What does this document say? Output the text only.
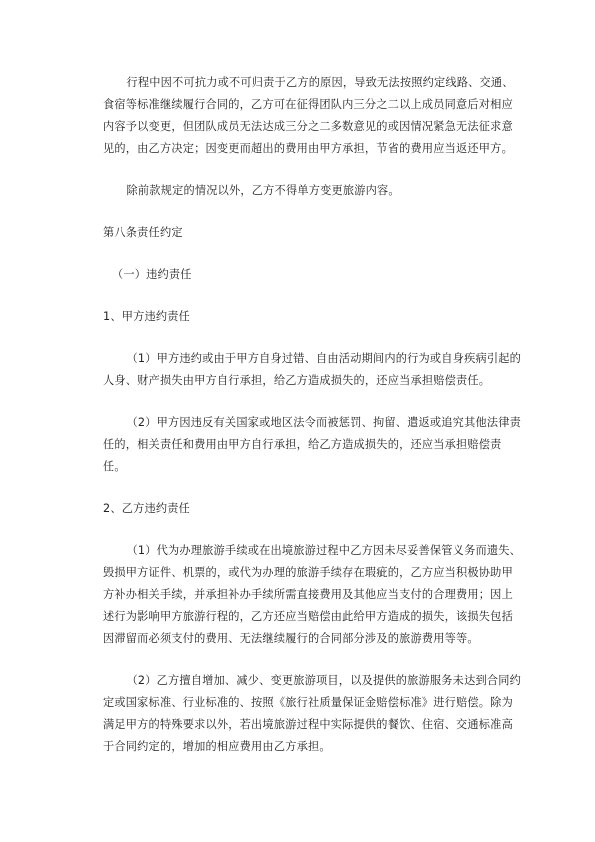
行程中因不可抗力或不可归责于乙方的原因，导致无法按照约定线路、交通、食宿等标准继续履行合同的，乙方可在征得团队内三分之二以上成员同意后对相应内容予以变更，但团队成员无法达成三分之二多数意见的或因情况紧急无法征求意见的，由乙方决定；因变更而超出的费用由甲方承担，节省的费用应当返还甲方。

除前款规定的情况以外，乙方不得单方变更旅游内容。

第八条责任约定

（一）违约责任

1、甲方违约责任

（1）甲方违约或由于甲方自身过错、自由活动期间内的行为或自身疾病引起的人身、财产损失由甲方自行承担，给乙方造成损失的，还应当承担赔偿责任。

（2）甲方因违反有关国家或地区法令而被惩罚、拘留、遣返或追究其他法律责任的，相关责任和费用由甲方自行承担，给乙方造成损失的，还应当承担赔偿责任。

2、乙方违约责任

（1）代为办理旅游手续或在出境旅游过程中乙方因未尽妥善保管义务而遗失、毁损甲方证件、机票的，或代为办理的旅游手续存在瑕疵的，乙方应当积极协助甲方补办相关手续，并承担补办手续所需直接费用及其他应当支付的合理费用；因上述行为影响甲方旅游行程的，乙方还应当赔偿由此给甲方造成的损失，该损失包括因滞留而必须支付的费用、无法继续履行的合同部分涉及的旅游费用等等。

（2）乙方擅自增加、减少、变更旅游项目，以及提供的旅游服务未达到合同约定或国家标准、行业标准的、按照《旅行社质量保证金赔偿标准》进行赔偿。除为满足甲方的特殊要求以外，若出境旅游过程中实际提供的餐饮、住宿、交通标准高于合同约定的，增加的相应费用由乙方承担。
